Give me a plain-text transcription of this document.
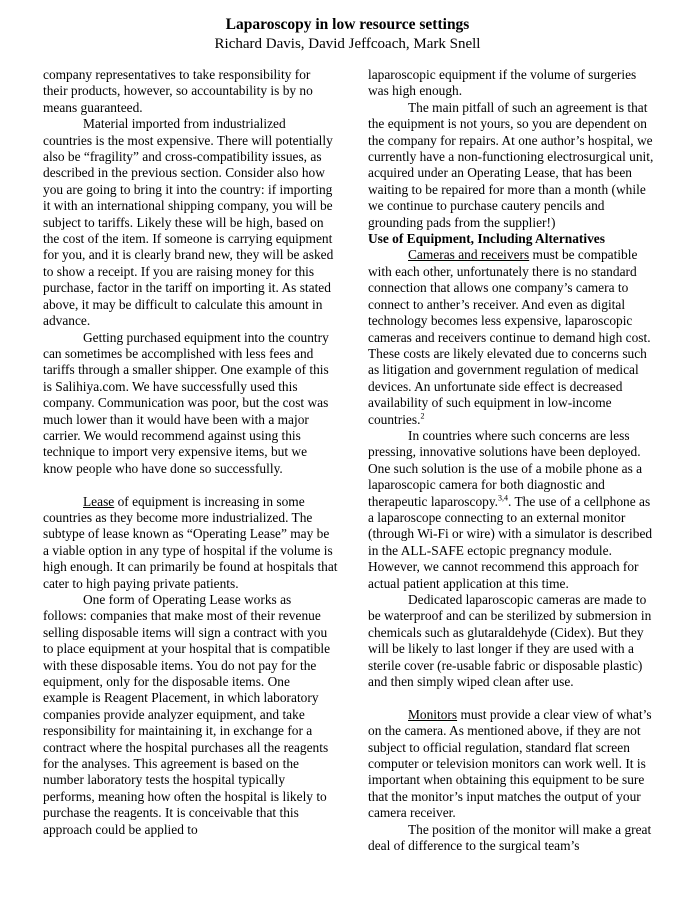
Laparoscopy in low resource settings
Richard Davis, David Jeffcoach, Mark Snell

company representatives to take responsibility for their products, however, so accountability is by no means guaranteed.

Material imported from industrialized countries is the most expensive. There will potentially also be “fragility” and cross-compatibility issues, as described in the previous section. Consider also how you are going to bring it into the country: if importing it with an international shipping company, you will be subject to tariffs. Likely these will be high, based on the cost of the item. If someone is carrying equipment for you, and it is clearly brand new, they will be asked to show a receipt. If you are raising money for this purchase, factor in the tariff on importing it. As stated above, it may be difficult to calculate this amount in advance.

Getting purchased equipment into the country can sometimes be accomplished with less fees and tariffs through a smaller shipper. One example of this is Salihiya.com. We have successfully used this company. Communication was poor, but the cost was much lower than it would have been with a major carrier. We would recommend against using this technique to import very expensive items, but we know people who have done so successfully.

Lease of equipment is increasing in some countries as they become more industrialized. The subtype of lease known as “Operating Lease” may be a viable option in any type of hospital if the volume is high enough. It can primarily be found at hospitals that cater to high paying private patients.

One form of Operating Lease works as follows: companies that make most of their revenue selling disposable items will sign a contract with you to place equipment at your hospital that is compatible with these disposable items. You do not pay for the equipment, only for the disposable items. One example is Reagent Placement, in which laboratory companies provide analyzer equipment, and take responsibility for maintaining it, in exchange for a contract where the hospital purchases all the reagents for the analyses. This agreement is based on the number laboratory tests the hospital typically performs, meaning how often the hospital is likely to purchase the reagents. It is conceivable that this approach could be applied to

laparoscopic equipment if the volume of surgeries was high enough.

The main pitfall of such an agreement is that the equipment is not yours, so you are dependent on the company for repairs. At one author’s hospital, we currently have a non-functioning electrosurgical unit, acquired under an Operating Lease, that has been waiting to be repaired for more than a month (while we continue to purchase cautery pencils and grounding pads from the supplier!)

Use of Equipment, Including Alternatives

Cameras and receivers must be compatible with each other, unfortunately there is no standard connection that allows one company’s camera to connect to anther’s receiver. And even as digital technology becomes less expensive, laparoscopic cameras and receivers continue to demand high cost. These costs are likely elevated due to concerns such as litigation and government regulation of medical devices. An unfortunate side effect is decreased availability of such equipment in low-income countries.$^2$

In countries where such concerns are less pressing, innovative solutions have been deployed. One such solution is the use of a mobile phone as a laparoscopic camera for both diagnostic and therapeutic laparoscopy.$^{3,4}$. The use of a cellphone as a laparoscope connecting to an external monitor (through Wi-Fi or wire) with a simulator is described in the ALL-SAFE ectopic pregnancy module. However, we cannot recommend this approach for actual patient application at this time.

Dedicated laparoscopic cameras are made to be waterproof and can be sterilized by submersion in chemicals such as glutaraldehyde (Cidex). But they will be likely to last longer if they are used with a sterile cover (re-usable fabric or disposable plastic) and then simply wiped clean after use.

Monitors must provide a clear view of what’s on the camera. As mentioned above, if they are not subject to official regulation, standard flat screen computer or television monitors can work well. It is important when obtaining this equipment to be sure that the monitor’s input matches the output of your camera receiver.

The position of the monitor will make a great deal of difference to the surgical team’s
